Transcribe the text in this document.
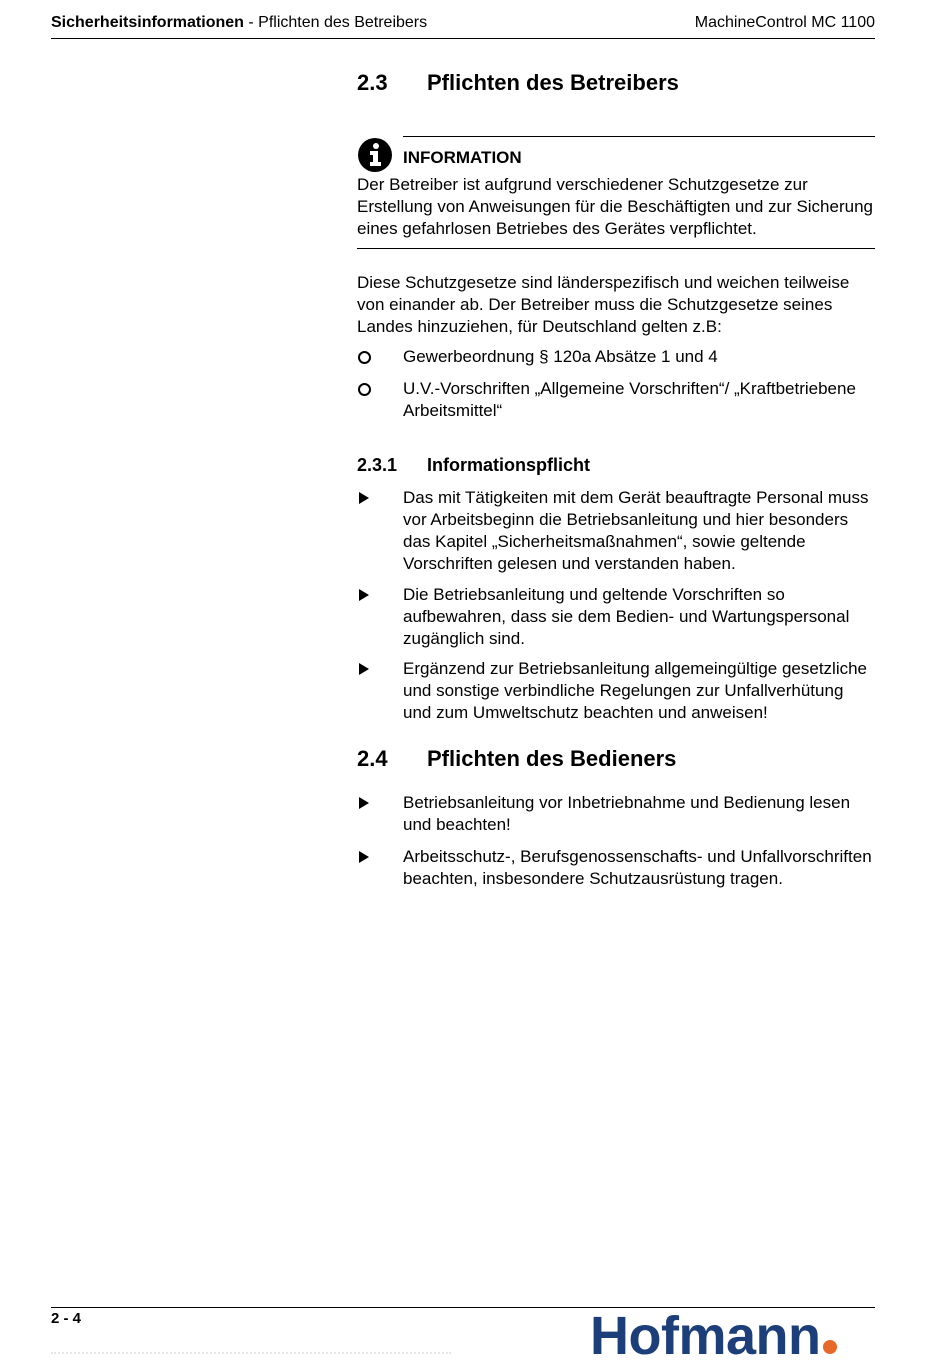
Sicherheitsinformationen - Pflichten des Betreibers	MachineControl MC 1100
2.3 Pflichten des Betreibers
INFORMATION
Der Betreiber ist aufgrund verschiedener Schutzgesetze zur Erstellung von Anweisungen für die Beschäftigten und zur Sicherung eines gefahrlosen Betriebes des Gerätes verpflichtet.
Diese Schutzgesetze sind länderspezifisch und weichen teilweise von einander ab. Der Betreiber muss die Schutzgesetze seines Landes hinzuziehen, für Deutschland gelten z.B:
Gewerbeordnung § 120a Absätze 1 und 4
U.V.-Vorschriften „Allgemeine Vorschriften“/ „Kraftbetriebene Arbeitsmittel“
2.3.1 Informationspflicht
Das mit Tätigkeiten mit dem Gerät beauftragte Personal muss vor Arbeitsbeginn die Betriebsanleitung und hier besonders das Kapitel „Sicherheitsmaßnahmen“, sowie geltende Vorschriften gelesen und verstanden haben.
Die Betriebsanleitung und geltende Vorschriften so aufbewahren, dass sie dem Bedien- und Wartungspersonal zugänglich sind.
Ergänzend zur Betriebsanleitung allgemeingültige gesetzliche und sonstige verbindliche Regelungen zur Unfallverhütung und zum Umweltschutz beachten und anweisen!
2.4 Pflichten des Bedieners
Betriebsanleitung vor Inbetriebnahme und Bedienung lesen und beachten!
Arbeitsschutz-, Berufsgenossenschafts- und Unfallvorschriften beachten, insbesondere Schutzausrüstung tragen.
2 - 4	Hofmann
